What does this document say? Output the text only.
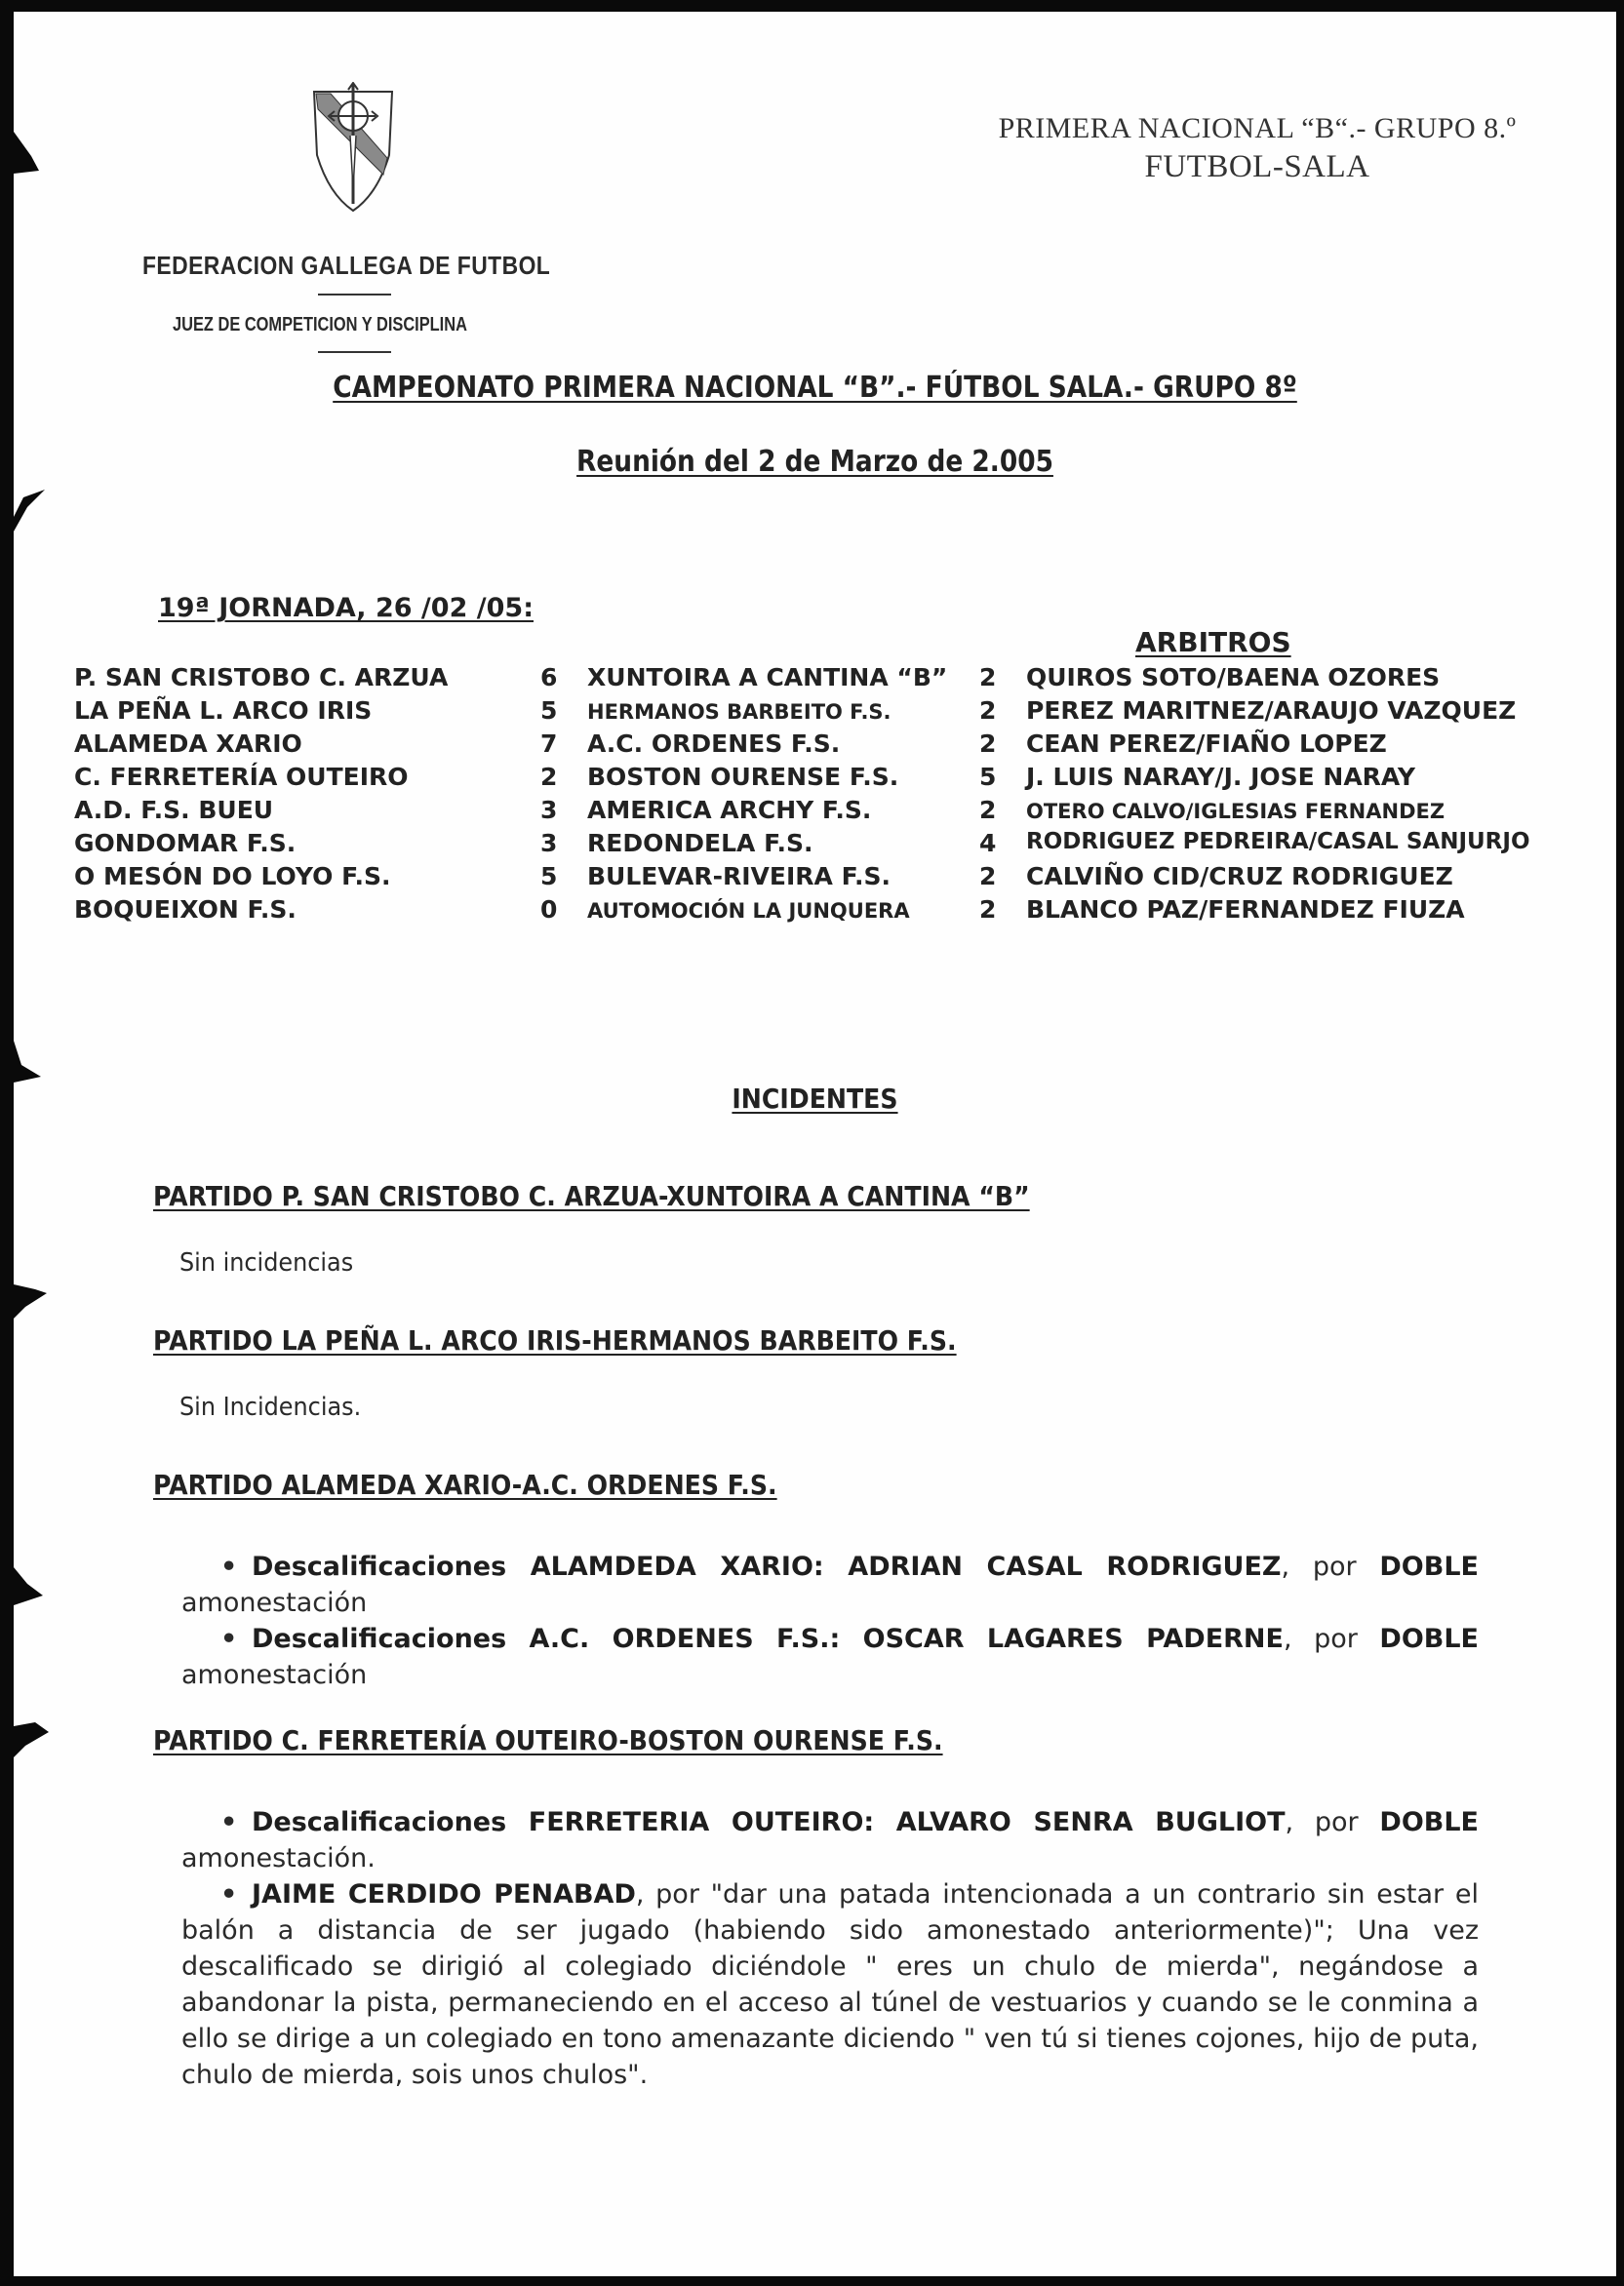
FEDERACION GALLEGA DE FUTBOL
JUEZ DE COMPETICION Y DISCIPLINA
PRIMERA NACIONAL “B“.- GRUPO 8.º
FUTBOL-SALA
CAMPEONATO PRIMERA NACIONAL “B”.- FÚTBOL SALA.- GRUPO 8º
Reunión del 2 de Marzo de 2.005
19ª JORNADA, 26 /02 /05:
ARBITROS
P. SAN CRISTOBO C. ARZUA	6 XUNTOIRA A CANTINA “B” 2 QUIROS SOTO/BAENA OZORES
LA PEÑA L. ARCO IRIS	5 HERMANOS BARBEITO F.S.	2 PEREZ MARITNEZ/ARAUJO VAZQUEZ
ALAMEDA XARIO	7 A.C. ORDENES F.S.	2 CEAN PEREZ/FIAÑO LOPEZ
C. FERRETERÍA OUTEIRO	2 BOSTON OURENSE F.S.	5 J. LUIS NARAY/J. JOSE NARAY
A.D. F.S. BUEU	3 AMERICA ARCHY F.S.	2 OTERO CALVO/IGLESIAS FERNANDEZ
GONDOMAR F.S.	3 REDONDELA F.S.	4 RODRIGUEZ PEDREIRA/CASAL SANJURJO
O MESÓN DO LOYO F.S.	5 BULEVAR-RIVEIRA F.S.	2 CALVIÑO CID/CRUZ RODRIGUEZ
BOQUEIXON F.S.	0 AUTOMOCIÓN LA JUNQUERA	2 BLANCO PAZ/FERNANDEZ FIUZA
INCIDENTES
PARTIDO P. SAN CRISTOBO C. ARZUA-XUNTOIRA A CANTINA “B”
Sin incidencias
PARTIDO LA PEÑA L. ARCO IRIS-HERMANOS BARBEITO F.S.
Sin Incidencias.
PARTIDO ALAMEDA XARIO-A.C. ORDENES F.S.
• Descalificaciones ALAMDEDA XARIO: ADRIAN CASAL RODRIGUEZ, por DOBLE amonestación
• Descalificaciones A.C. ORDENES F.S.: OSCAR LAGARES PADERNE, por DOBLE amonestación
PARTIDO C. FERRETERÍA OUTEIRO-BOSTON OURENSE F.S.
• Descalificaciones FERRETERIA OUTEIRO: ALVARO SENRA BUGLIOT, por DOBLE amonestación.
• JAIME CERDIDO PENABAD, por "dar una patada intencionada a un contrario sin estar el balón a distancia de ser jugado (habiendo sido amonestado anteriormente)"; Una vez descalificado se dirigió al colegiado diciéndole " eres un chulo de mierda", negándose a abandonar la pista, permaneciendo en el acceso al túnel de vestuarios y cuando se le conmina a ello se dirige a un colegiado en tono amenazante diciendo " ven tú si tienes cojones, hijo de puta, chulo de mierda, sois unos chulos".
